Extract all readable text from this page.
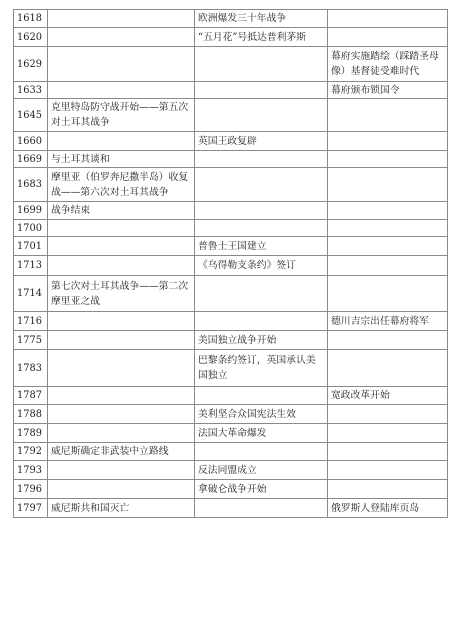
1618		欧洲爆发三十年战争	
1620		“五月花”号抵达普利茅斯	
1629			幕府实施踏绘（踩踏圣母像）基督徒受难时代
1633			幕府颁布锁国令
1645	克里特岛防守战开始——第五次对土耳其战争		
1660		英国王政复辟	
1669	与土耳其谈和		
1683	摩里亚（伯罗奔尼撒半岛）收复战——第六次对土耳其战争		
1699	战争结束		
1700			
1701		普鲁士王国建立	
1713		《乌得勒支条约》签订	
1714	第七次对土耳其战争——第二次摩里亚之战		
1716			德川吉宗出任幕府将军
1775		美国独立战争开始	
1783		巴黎条约签订，英国承认美国独立	
1787			宽政改革开始
1788		美利坚合众国宪法生效	
1789		法国大革命爆发	
1792	威尼斯确定非武装中立路线		
1793		反法同盟成立	
1796		拿破仑战争开始	
1797	威尼斯共和国灭亡		俄罗斯人登陆库页岛
